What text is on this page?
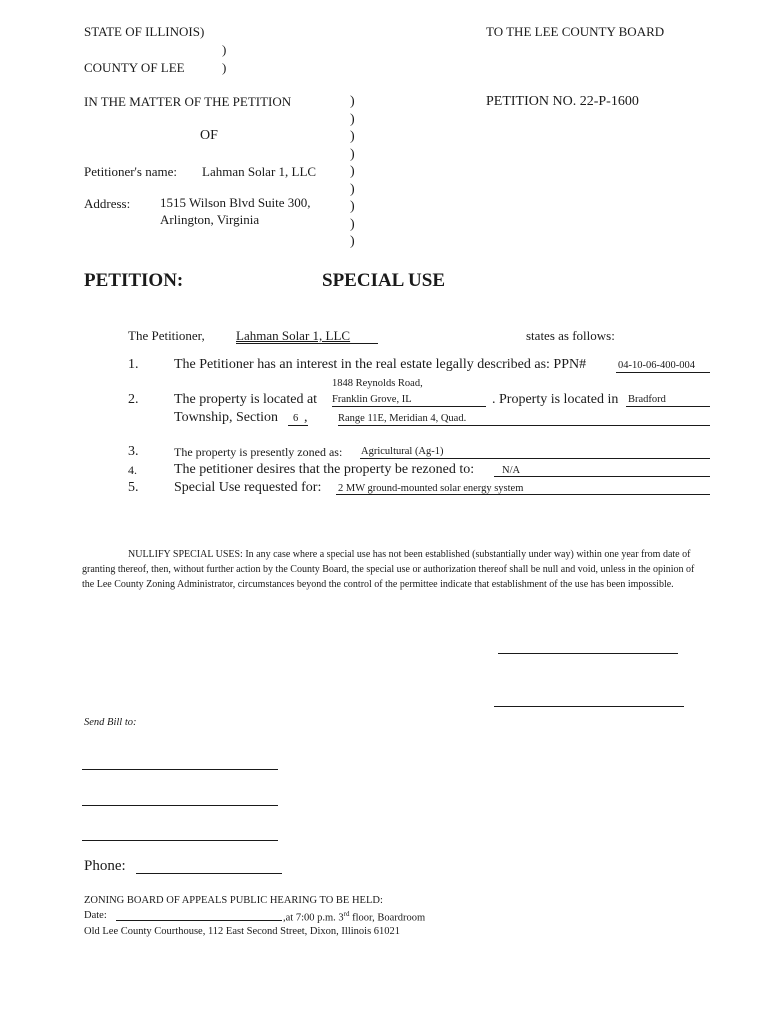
STATE OF ILLINOIS)
)
COUNTY OF LEE	)
TO THE LEE COUNTY BOARD
IN THE MATTER OF THE PETITION
OF
Petitioner's name: Lahman Solar 1, LLC
Address: 1515 Wilson Blvd Suite 300,
Arlington, Virginia
PETITION NO. 22-P-1600
)
)
)
)
)
)
)
)
)
PETITION:	SPECIAL USE
The Petitioner, Lahman Solar 1, LLC	states as follows:
1.	The Petitioner has an interest in the real estate legally described as: PPN#	04-10-06-400-004
1848 Reynolds Road,
2.	The property is located at Franklin Grove, IL	. Property is located in Bradford
Township, Section 6 ,	Range 11E, Meridian 4, Quad.
3.	The property is presently zoned as: Agricultural (Ag-1)
4.	The petitioner desires that the property be rezoned to:	N/A
5.	Special Use requested for: 2 MW ground-mounted solar energy system
NULLIFY SPECIAL USES: In any case where a special use has not been established (substantially under way) within one year from date of granting thereof, then, without further action by the County Board, the special use or authorization thereof shall be null and void, unless in the opinion of the Lee County Zoning Administrator, circumstances beyond the control of the permittee indicate that establishment of the use has been impossible.
Send Bill to:
Phone:
ZONING BOARD OF APPEALS PUBLIC HEARING TO BE HELD:
Date:	,at 7:00 p.m. 3rd floor, Boardroom
Old Lee County Courthouse, 112 East Second Street, Dixon, Illinois 61021
